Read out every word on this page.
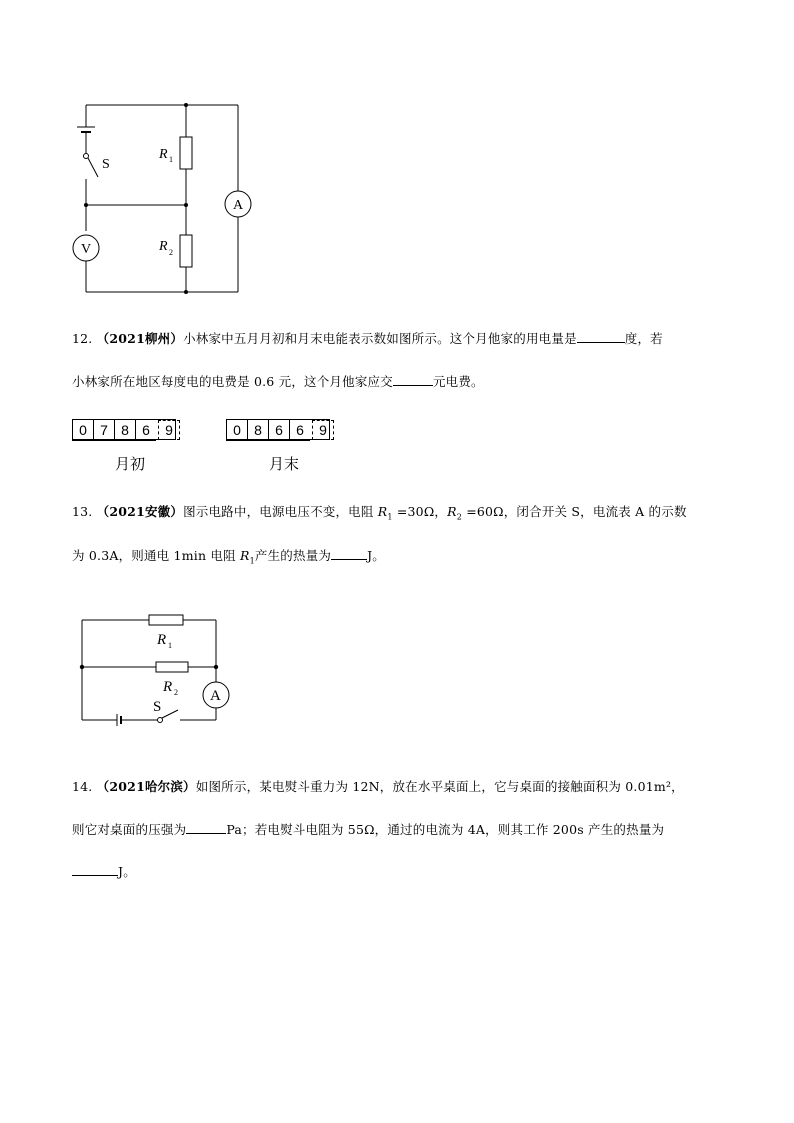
S
R 1
R 2
V
A
12. （2021柳州）小林家中五月月初和月末电能表示数如图所示。这个月他家的用电量是	度，若
小林家所在地区每度电的电费是 0.6 元，这个月他家应交	元电费。
0 7 8 6	9
月初
0 8 6 6	9
月末
13. （2021安徽）图示电路中，电源电压不变，电阻 $R_1 =30\Omega$，$R_2 =60\Omega$，闭合开关 S，电流表 A 的示数
为 0.3A，则通电 1min 电阻 $R_1$产生的热量为	J。
R 1
R 2
S
A
14. （2021哈尔滨）如图所示，某电熨斗重力为 12N，放在水平桌面上，它与桌面的接触面积为 0.01m²，
则它对桌面的压强为	Pa；若电熨斗电阻为 55Ω，通过的电流为 4A，则其工作 200s 产生的热量为
J。
